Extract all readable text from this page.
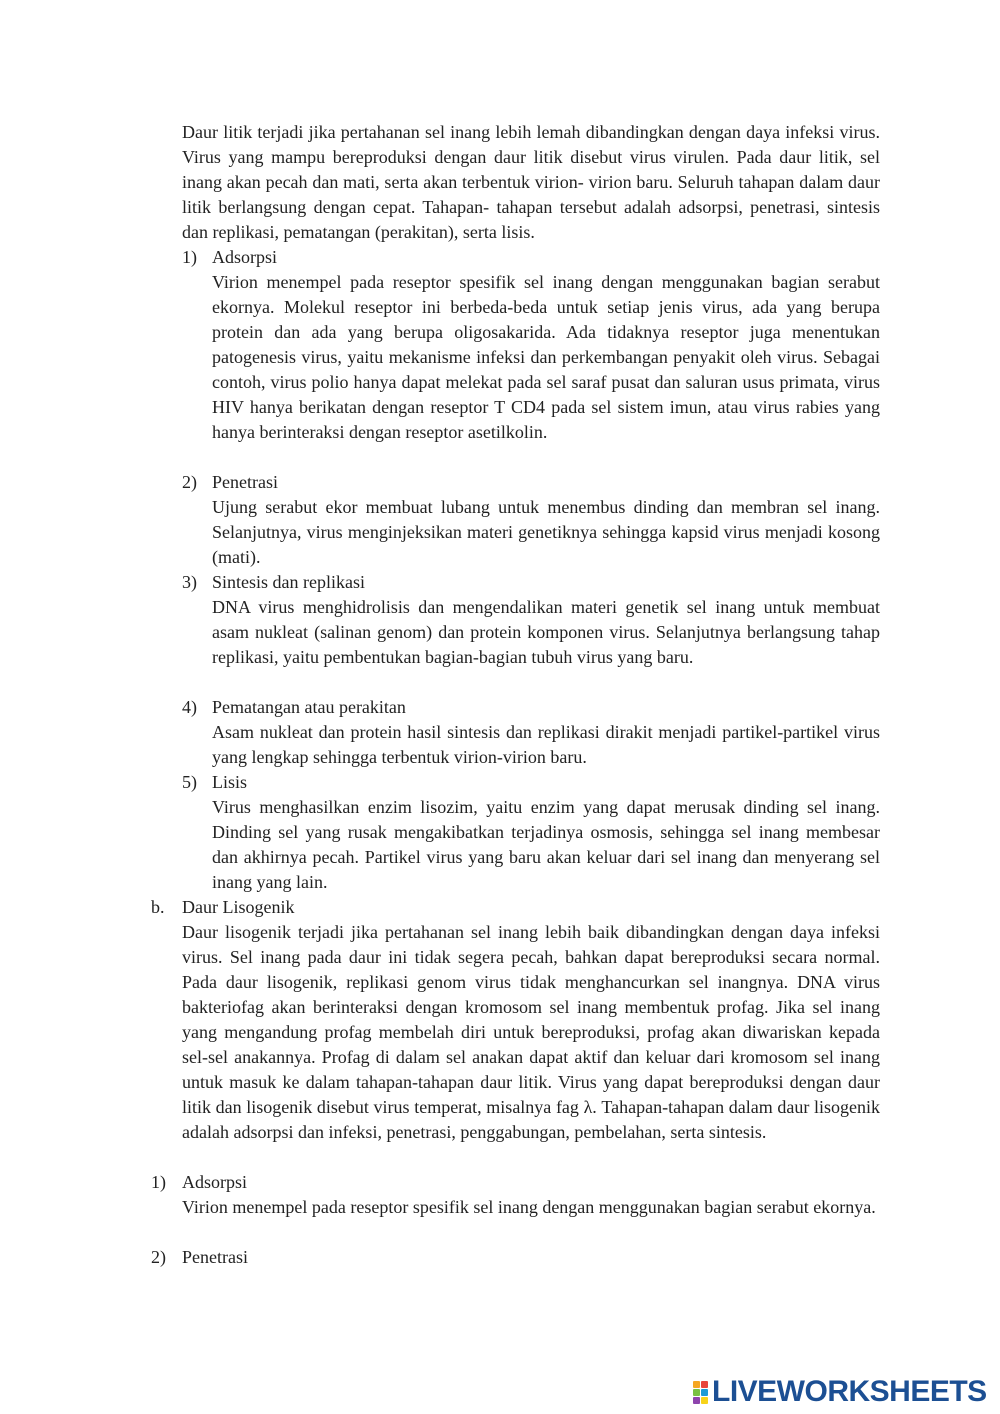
Daur litik terjadi jika pertahanan sel inang lebih lemah dibandingkan dengan daya infeksi virus. Virus yang mampu bereproduksi dengan daur litik disebut virus virulen. Pada daur litik, sel inang akan pecah dan mati, serta akan terbentuk virion- virion baru. Seluruh tahapan dalam daur litik berlangsung dengan cepat. Tahapan- tahapan tersebut adalah adsorpsi, penetrasi, sintesis dan replikasi, pematangan (perakitan), serta lisis.

1) Adsorpsi

Virion menempel pada reseptor spesifik sel inang dengan menggunakan bagian serabut ekornya. Molekul reseptor ini berbeda-beda untuk setiap jenis virus, ada yang berupa protein dan ada yang berupa oligosakarida. Ada tidaknya reseptor juga menentukan patogenesis virus, yaitu mekanisme infeksi dan perkembangan penyakit oleh virus. Sebagai contoh, virus polio hanya dapat melekat pada sel saraf pusat dan saluran usus primata, virus HIV hanya berikatan dengan reseptor T CD4 pada sel sistem imun, atau virus rabies yang hanya berinteraksi dengan reseptor asetilkolin.

2) Penetrasi

Ujung serabut ekor membuat lubang untuk menembus dinding dan membran sel inang. Selanjutnya, virus menginjeksikan materi genetiknya sehingga kapsid virus menjadi kosong (mati).

3) Sintesis dan replikasi

DNA virus menghidrolisis dan mengendalikan materi genetik sel inang untuk membuat asam nukleat (salinan genom) dan protein komponen virus. Selanjutnya berlangsung tahap replikasi, yaitu pembentukan bagian-bagian tubuh virus yang baru.

4) Pematangan atau perakitan

Asam nukleat dan protein hasil sintesis dan replikasi dirakit menjadi partikel-partikel virus yang lengkap sehingga terbentuk virion-virion baru.

5) Lisis

Virus menghasilkan enzim lisozim, yaitu enzim yang dapat merusak dinding sel inang. Dinding sel yang rusak mengakibatkan terjadinya osmosis, sehingga sel inang membesar dan akhirnya pecah. Partikel virus yang baru akan keluar dari sel inang dan menyerang sel inang yang lain.

b. Daur Lisogenik

Daur lisogenik terjadi jika pertahanan sel inang lebih baik dibandingkan dengan daya infeksi virus. Sel inang pada daur ini tidak segera pecah, bahkan dapat bereproduksi secara normal. Pada daur lisogenik, replikasi genom virus tidak menghancurkan sel inangnya. DNA virus bakteriofag akan berinteraksi dengan kromosom sel inang membentuk profag. Jika sel inang yang mengandung profag membelah diri untuk bereproduksi, profag akan diwariskan kepada sel-sel anakannya. Profag di dalam sel anakan dapat aktif dan keluar dari kromosom sel inang untuk masuk ke dalam tahapan-tahapan daur litik. Virus yang dapat bereproduksi dengan daur litik dan lisogenik disebut virus temperat, misalnya fag λ. Tahapan-tahapan dalam daur lisogenik adalah adsorpsi dan infeksi, penetrasi, penggabungan, pembelahan, serta sintesis.

1) Adsorpsi

Virion menempel pada reseptor spesifik sel inang dengan menggunakan bagian serabut ekornya.

2) Penetrasi
LIVEWORKSHEETS
